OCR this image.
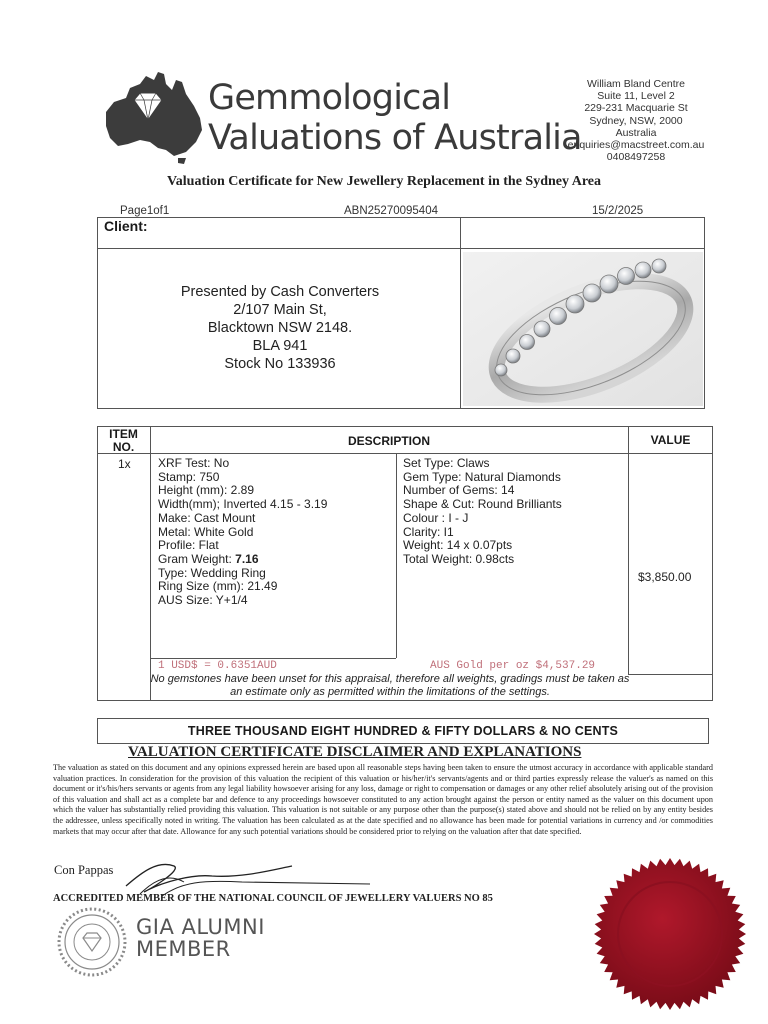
Gemmological
Valuations of Australia
William Bland Centre
Suite 11, Level 2
229-231 Macquarie St
Sydney, NSW, 2000
Australia
enquiries@macstreet.com.au
0408497258
Valuation Certificate for New Jewellery Replacement in the Sydney Area
Page1of1	ABN25270095404	15/2/2025
Client:
Presented by Cash Converters
2/107 Main St,
Blacktown NSW 2148.
BLA 941
Stock No 133936
ITEM
NO.	DESCRIPTION	VALUE
1x XRF Test: No
Stamp: 750
Height (mm): 2.89
Width(mm); Inverted 4.15 - 3.19
Make: Cast Mount
Metal: White Gold
Profile: Flat
Gram Weight: 7.16
Type: Wedding Ring
Ring Size (mm): 21.49
AUS Size: Y+1/4
Set Type: Claws
Gem Type: Natural Diamonds
Number of Gems: 14
Shape & Cut: Round Brilliants
Colour : I - J
Clarity: I1
Weight: 14 x 0.07pts
Total Weight: 0.98cts
$3,850.00
1 USD$ = 0.6351AUD	AUS Gold per oz $4,537.29
No gemstones have been unset for this appraisal, therefore all weights, gradings must be taken as an estimate only as permitted within the limitations of the settings.
THREE THOUSAND EIGHT HUNDRED & FIFTY DOLLARS & NO CENTS
VALUATION CERTIFICATE DISCLAIMER AND EXPLANATIONS
The valuation as stated on this document and any opinions expressed herein are based upon all reasonable steps having been taken to ensure the utmost accuracy in accordance with applicable standard valuation practices. In consideration for the provision of this valuation the recipient of this valuation or his/her/it's servants/agents and or third parties expressly release the valuer's as named on this document or it's/his/hers servants or agents from any legal liability howsoever arising for any loss, damage or right to compensation or damages or any other relief absolutely arising out of the provision of this valuation and shall act as a complete bar and defence to any proceedings howsoever constituted to any action brought against the person or entity named as the valuer on this document upon which the valuer has substantially relied providing this valuation. This valuation is not suitable or any purpose other than the purpose(s) stated above and should not be relied on by any entity besides the addressee, unless specifically noted in writing. The valuation has been calculated as at the date specified and no allowance has been made for potential variations in currency and /or commodities markets that may occur after that date. Allowance for any such potential variations should be considered prior to relying on the valuation after that date specified.
Con Pappas
ACCREDITED MEMBER OF THE NATIONAL COUNCIL OF JEWELLERY VALUERS NO 85
GIA ALUMNI
MEMBER
